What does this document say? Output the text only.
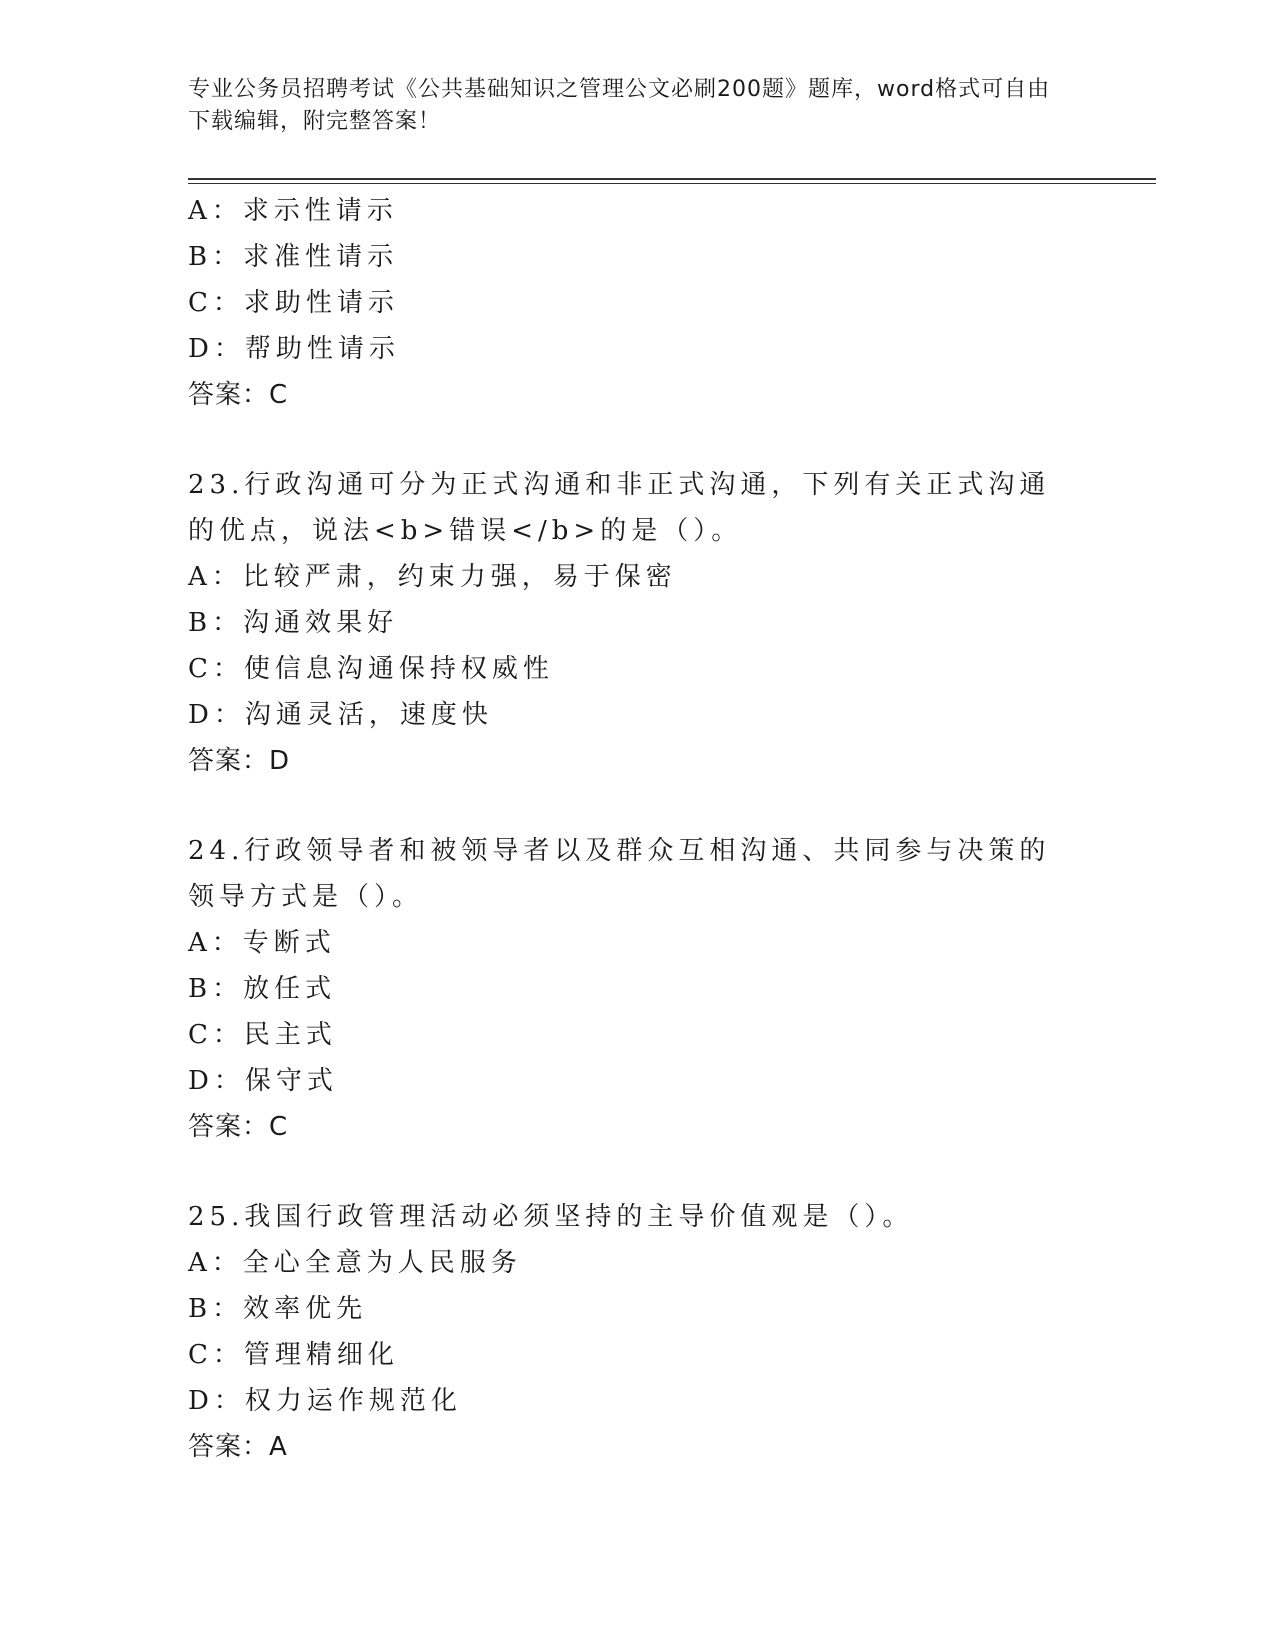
专业公务员招聘考试《公共基础知识之管理公文必刷200题》题库，word格式可自由下载编辑，附完整答案！
A：求示性请示
B：求准性请示
C：求助性请示
D：帮助性请示
答案：C
23.行政沟通可分为正式沟通和非正式沟通，下列有关正式沟通的优点，说法<b>错误</b>的是（）。
A：比较严肃，约束力强，易于保密
B：沟通效果好
C：使信息沟通保持权威性
D：沟通灵活，速度快
答案：D
24.行政领导者和被领导者以及群众互相沟通、共同参与决策的领导方式是（）。
A：专断式
B：放任式
C：民主式
D：保守式
答案：C
25.我国行政管理活动必须坚持的主导价值观是（）。
A：全心全意为人民服务
B：效率优先
C：管理精细化
D：权力运作规范化
答案：A
